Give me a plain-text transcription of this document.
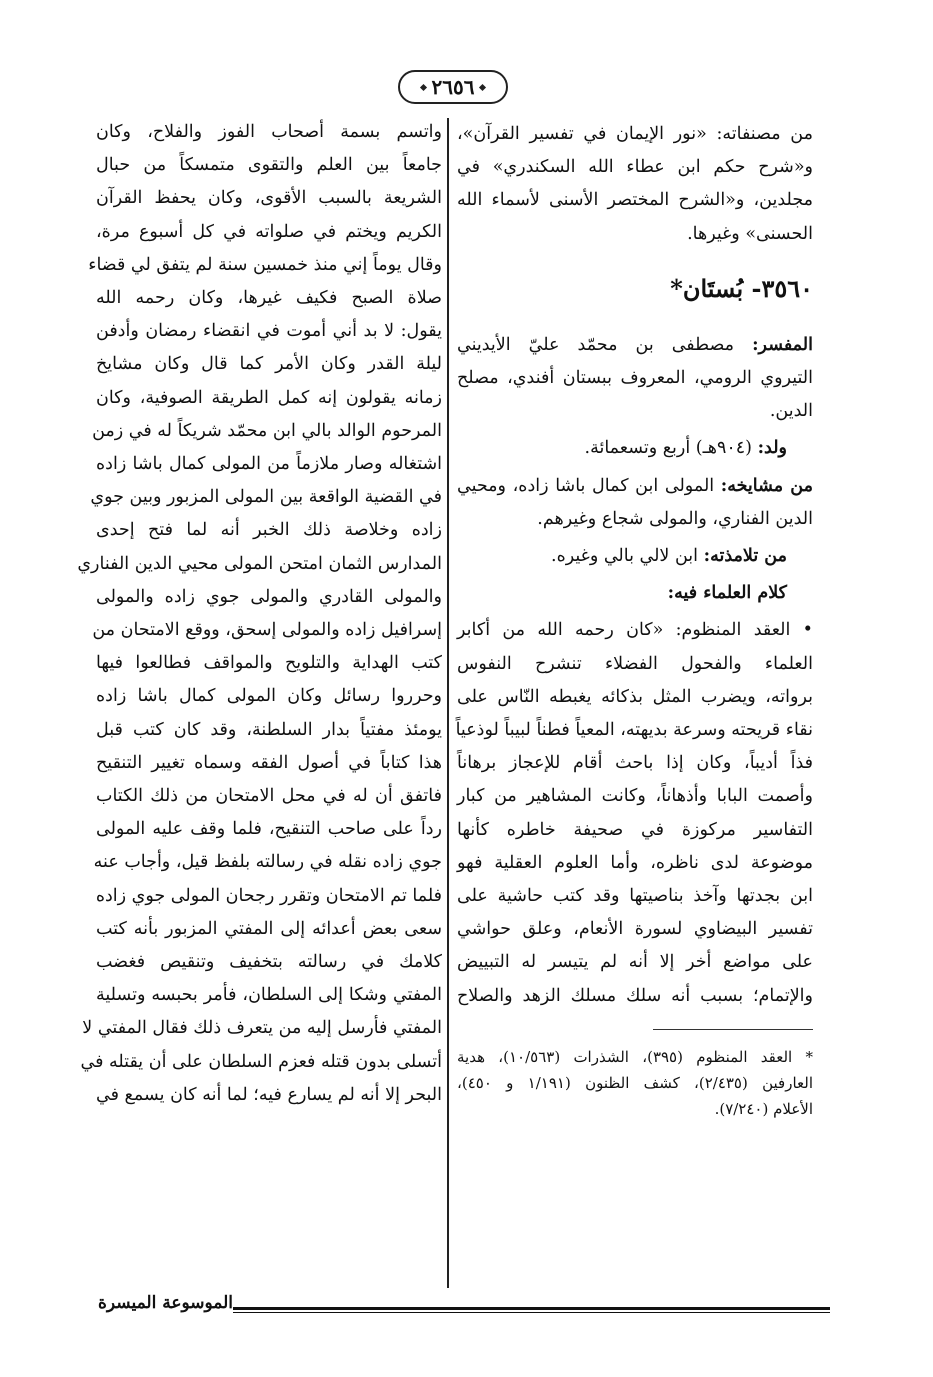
٢٦٥٦
من مصنفاته: «نور الإيمان في تفسير القرآن»،
و«شرح حكم ابن عطاء الله السكندري» في
مجلدين، و«الشرح المختصر الأسنى لأسماء الله
الحسنى» وغيرها.
٣٥٦٠- بُستَان*
المفسر: مصطفى بن محمّد عليّ الأيديني
التيروي الرومي، المعروف ببستان أفندي، مصلح
الدين.
ولد: (٩٠٤هـ) أربع وتسعمائة.
من مشايخه: المولى ابن كمال باشا زاده، ومحيي
الدين الفناري، والمولى شجاع وغيرهم.
من تلامذته: ابن لالي بالي وغيره.
كلام العلماء فيه:
• العقد المنظوم: «كان رحمه الله من أكابر
العلماء والفحول الفضلاء تنشرح النفوس
برواته، ويضرب المثل بذكائه يغبطه النّاس على
نقاء قريحته وسرعة بديهته، المعياً فطناً لبيباً لوذعياً
فذاً أديباً، وكان إذا باحث أقام للإعجاز برهاناً
وأصمت البابا وأذهاناً، وكانت المشاهير من كبار
التفاسير مركوزة في صحيفة خاطره كأنها
موضوعة لدى ناظره، وأما العلوم العقلية فهو
ابن بجدتها وآخذ بناصيتها وقد كتب حاشية على
تفسير البيضاوي لسورة الأنعام، وعلق حواشي
على مواضع أخر إلا أنه لم يتيسر له التبييض
والإتمام؛ بسبب أنه سلك مسلك الزهد والصلاح
* العقد المنظوم (٣٩٥)، الشذرات (١٠/٥٦٣)، هدية
العارفين (٢/٤٣٥)، كشف الظنون (١/١٩١ و ٤٥٠)،
الأعلام (٧/٢٤٠).
واتسم بسمة أصحاب الفوز والفلاح، وكان
جامعاً بين العلم والتقوى متمسكاً من حبال
الشريعة بالسبب الأقوى، وكان يحفظ القرآن
الكريم ويختم في صلواته في كل أسبوع مرة،
وقال يوماً إني منذ خمسين سنة لم يتفق لي قضاء
صلاة الصبح فكيف غيرها، وكان رحمه الله
يقول: لا بد أني أموت في انقضاء رمضان وأدفن
ليلة القدر وكان الأمر كما قال وكان مشايخ
زمانه يقولون إنه كمل الطريقة الصوفية، وكان
المرحوم الوالد بالي ابن محمّد شريكاً له في زمن
اشتغاله وصار ملازماً من المولى كمال باشا زاده
في القضية الواقعة بين المولى المزبور وبين جوي
زاده وخلاصة ذلك الخبر أنه لما فتح إحدى
المدارس الثمان امتحن المولى محيي الدين الفناري
والمولى القادري والمولى جوي زاده والمولى
إسرافيل زاده والمولى إسحق، ووقع الامتحان من
كتب الهداية والتلويح والمواقف فطالعوا فيها
وحرروا رسائل وكان المولى كمال باشا زاده
يومئذ مفتياً بدار السلطنة، وقد كان كتب قبل
هذا كتاباً في أصول الفقه وسماه تغيير التنقيح
فاتفق أن له في محل الامتحان من ذلك الكتاب
رداً على صاحب التنقيح، فلما وقف عليه المولى
جوي زاده نقله في رسالته بلفظ قيل، وأجاب عنه
فلما تم الامتحان وتقرر رجحان المولى جوي زاده
سعى بعض أعدائه إلى المفتي المزبور بأنه كتب
كلامك في رسالته بتخفيف وتنقيص فغضب
المفتي وشكا إلى السلطان، فأمر بحبسه وتسلية
المفتي فأرسل إليه من يتعرف ذلك فقال المفتي لا
أتسلى بدون قتله فعزم السلطان على أن يقتله في
البحر إلا أنه لم يسارع فيه؛ لما أنه كان يسمع في
الموسوعة الميسرة
